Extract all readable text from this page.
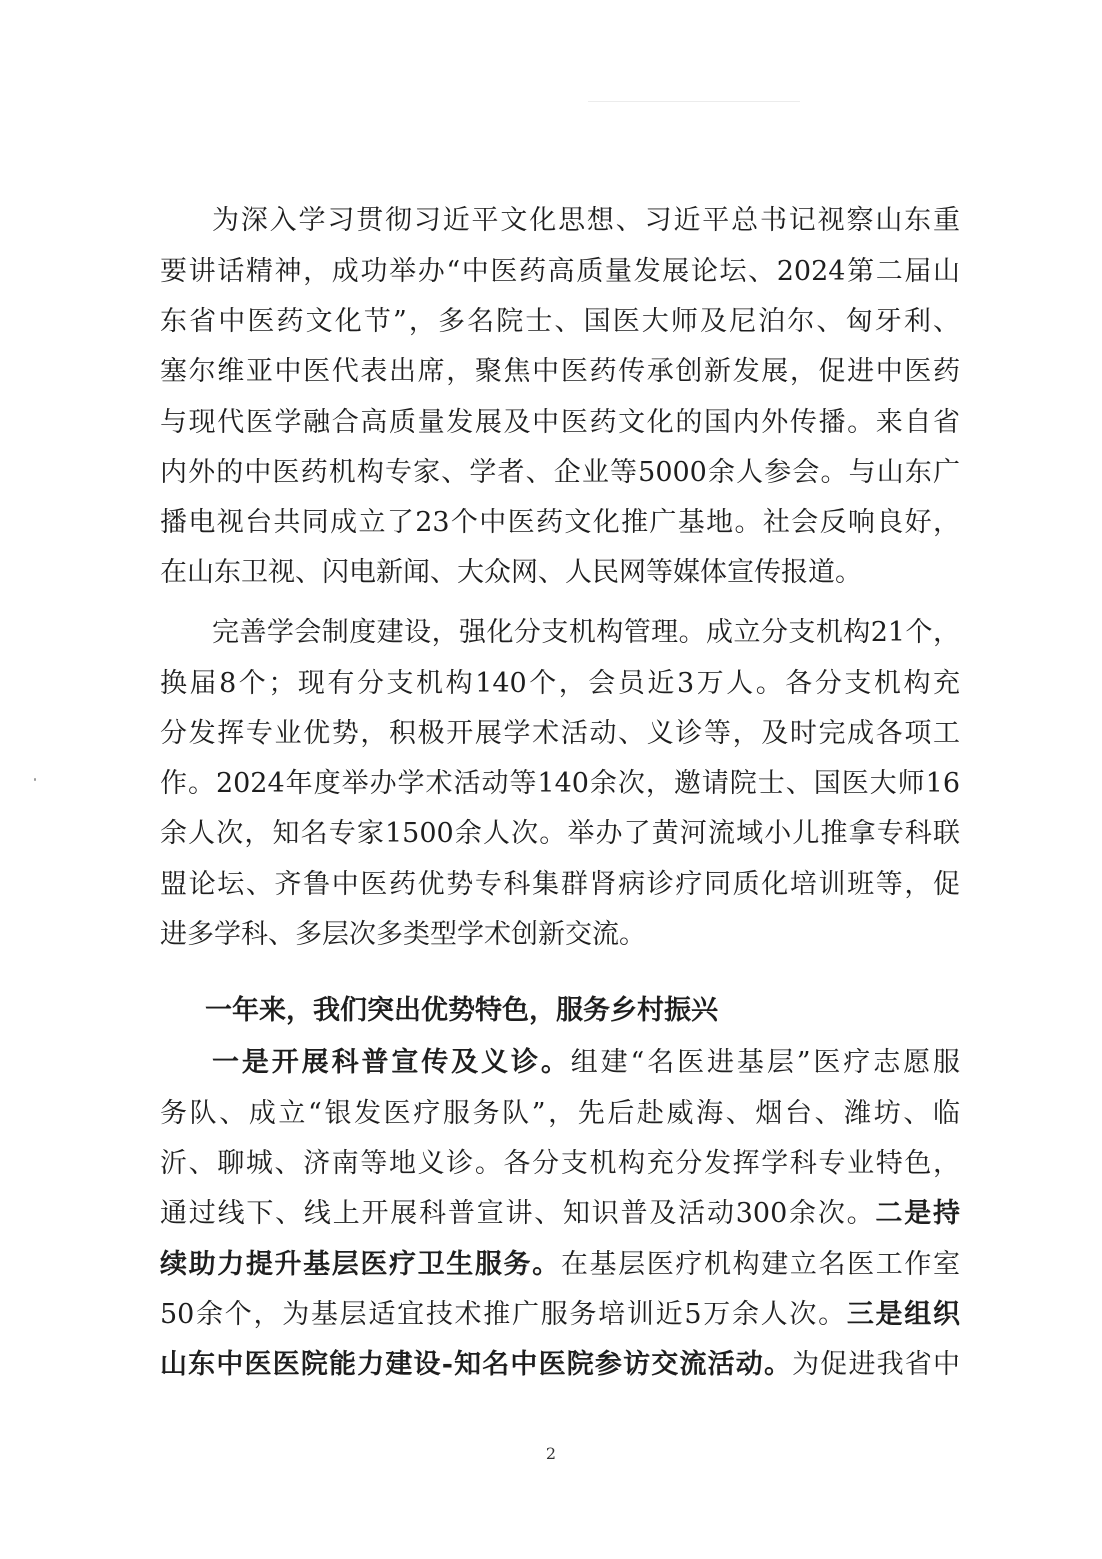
为深入学习贯彻习近平文化思想、习近平总书记视察山东重
要讲话精神，成功举办“中医药高质量发展论坛、2024第二届山
东省中医药文化节”，多名院士、国医大师及尼泊尔、匈牙利、
塞尔维亚中医代表出席，聚焦中医药传承创新发展，促进中医药
与现代医学融合高质量发展及中医药文化的国内外传播。来自省
内外的中医药机构专家、学者、企业等5000余人参会。与山东广
播电视台共同成立了23个中医药文化推广基地。社会反响良好，
在山东卫视、闪电新闻、大众网、人民网等媒体宣传报道。
完善学会制度建设，强化分支机构管理。成立分支机构21个，
换届8个；现有分支机构140个，会员近3万人。各分支机构充
分发挥专业优势，积极开展学术活动、义诊等，及时完成各项工
作。2024年度举办学术活动等140余次，邀请院士、国医大师16
余人次，知名专家1500余人次。举办了黄河流域小儿推拿专科联
盟论坛、齐鲁中医药优势专科集群肾病诊疗同质化培训班等，促
进多学科、多层次多类型学术创新交流。
一年来，我们突出优势特色，服务乡村振兴
一是开展科普宣传及义诊。组建“名医进基层”医疗志愿服
务队、成立“银发医疗服务队”，先后赴威海、烟台、潍坊、临
沂、聊城、济南等地义诊。各分支机构充分发挥学科专业特色，
通过线下、线上开展科普宣讲、知识普及活动300余次。二是持
续助力提升基层医疗卫生服务。在基层医疗机构建立名医工作室
50余个，为基层适宜技术推广服务培训近5万余人次。三是组织
山东中医医院能力建设-知名中医院参访交流活动。为促进我省中
2
